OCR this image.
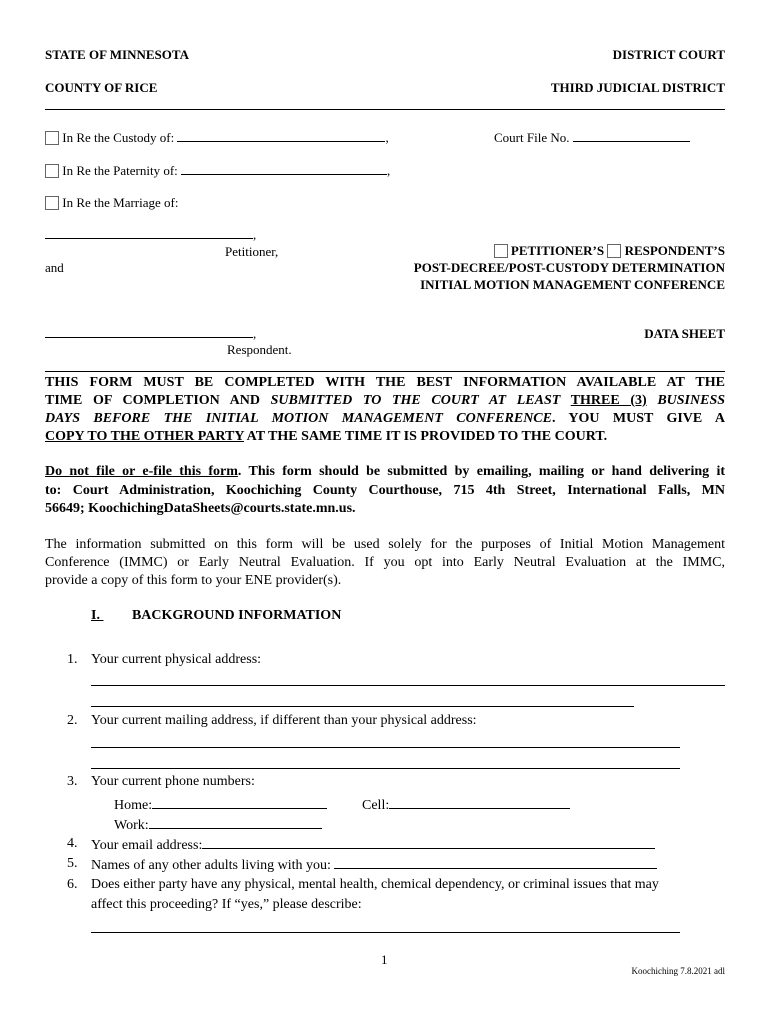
STATE OF MINNESOTA	DISTRICT COURT
COUNTY OF RICE	THIRD JUDICIAL DISTRICT
In Re the Custody of:	,	Court File No.
In Re the Paternity of:	,
In Re the Marriage of:
,
Petitioner,
and
,
Respondent.
PETITIONER’S RESPONDENT’S
POST-DECREE/POST-CUSTODY DETERMINATION
INITIAL MOTION MANAGEMENT CONFERENCE
DATA SHEET
THIS FORM MUST BE COMPLETED WITH THE BEST INFORMATION AVAILABLE AT THE
TIME OF COMPLETION AND SUBMITTED TO THE COURT AT LEAST THREE (3) BUSINESS
DAYS BEFORE THE INITIAL MOTION MANAGEMENT CONFERENCE. YOU MUST GIVE A
COPY TO THE OTHER PARTY AT THE SAME TIME IT IS PROVIDED TO THE COURT.
Do not file or e-file this form. This form should be submitted by emailing, mailing or hand delivering it
to: Court Administration, Koochiching County Courthouse, 715 4th Street, International Falls, MN
56649; KoochichingDataSheets@courts.state.mn.us.
The information submitted on this form will be used solely for the purposes of Initial Motion Management
Conference (IMMC) or Early Neutral Evaluation. If you opt into Early Neutral Evaluation at the IMMC,
provide a copy of this form to your ENE provider(s).
I. BACKGROUND INFORMATION
1. Your current physical address:
2. Your current mailing address, if different than your physical address:
3. Your current phone numbers:
Home:	Cell:
Work:
4. Your email address:
5. Names of any other adults living with you:
6. Does either party have any physical, mental health, chemical dependency, or criminal issues that may
affect this proceeding? If “yes,” please describe:
1
Koochiching 7.8.2021 adl
